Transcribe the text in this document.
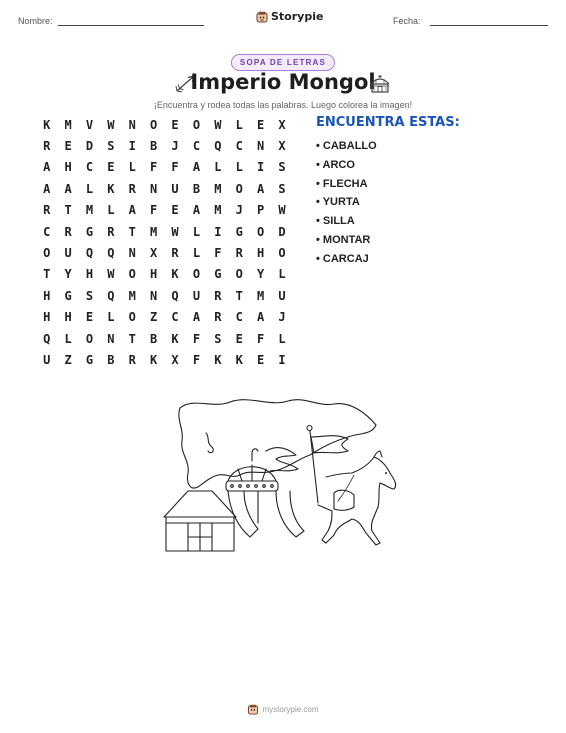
Nombre:	Storypie	Fecha:
SOPA DE LETRAS
Imperio Mongol
¡Encuentra y rodea todas las palabras. Luego colorea la imagen!
K	M	V	W	N	O	E	O	W	L	E	X
R	E	D	S	I	B	J	C	Q	C	N	X
A	H	C	E	L	F	F	A	L	L	I	S
A	A	L	K	R	N	U	B	M	O	A	S
R	T	M	L	A	F	E	A	M	J	P	W
C	R	G	R	T	M	W	L	I	G	O	D
O	U	Q	Q	N	X	R	L	F	R	H	O
T	Y	H	W	O	H	K	O	G	O	Y	L
H	G	S	Q	M	N	Q	U	R	T	M	U
H	H	E	L	O	Z	C	A	R	C	A	J
Q	L	O	N	T	B	K	F	S	E	F	L
U	Z	G	B	R	K	X	F	K	K	E	I
ENCUENTRA ESTAS:
• CABALLO
• ARCO
• FLECHA
• YURTA
• SILLA
• MONTAR
• CARCAJ
mystorypie.com
